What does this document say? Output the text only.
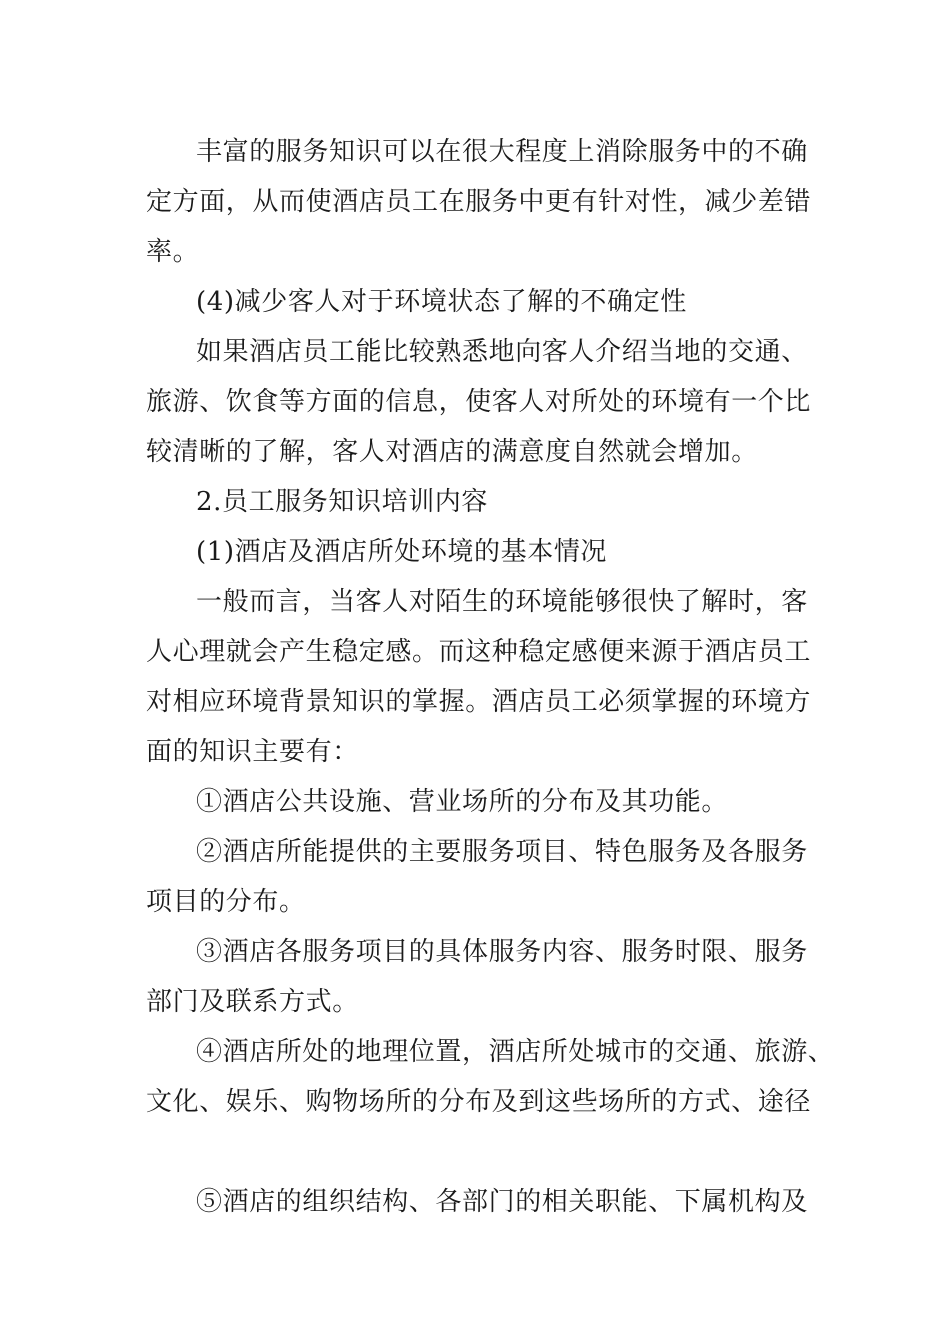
丰富的服务知识可以在很大程度上消除服务中的不确
定方面，从而使酒店员工在服务中更有针对性，减少差错
率。
(4)减少客人对于环境状态了解的不确定性
如果酒店员工能比较熟悉地向客人介绍当地的交通、
旅游、饮食等方面的信息，使客人对所处的环境有一个比
较清晰的了解，客人对酒店的满意度自然就会增加。
2.员工服务知识培训内容
(1)酒店及酒店所处环境的基本情况
一般而言，当客人对陌生的环境能够很快了解时，客
人心理就会产生稳定感。而这种稳定感便来源于酒店员工
对相应环境背景知识的掌握。酒店员工必须掌握的环境方
面的知识主要有：
①酒店公共设施、营业场所的分布及其功能。
②酒店所能提供的主要服务项目、特色服务及各服务
项目的分布。
③酒店各服务项目的具体服务内容、服务时限、服务
部门及联系方式。
④酒店所处的地理位置，酒店所处城市的交通、旅游、
文化、娱乐、购物场所的分布及到这些场所的方式、途径
⑤酒店的组织结构、各部门的相关职能、下属机构及
